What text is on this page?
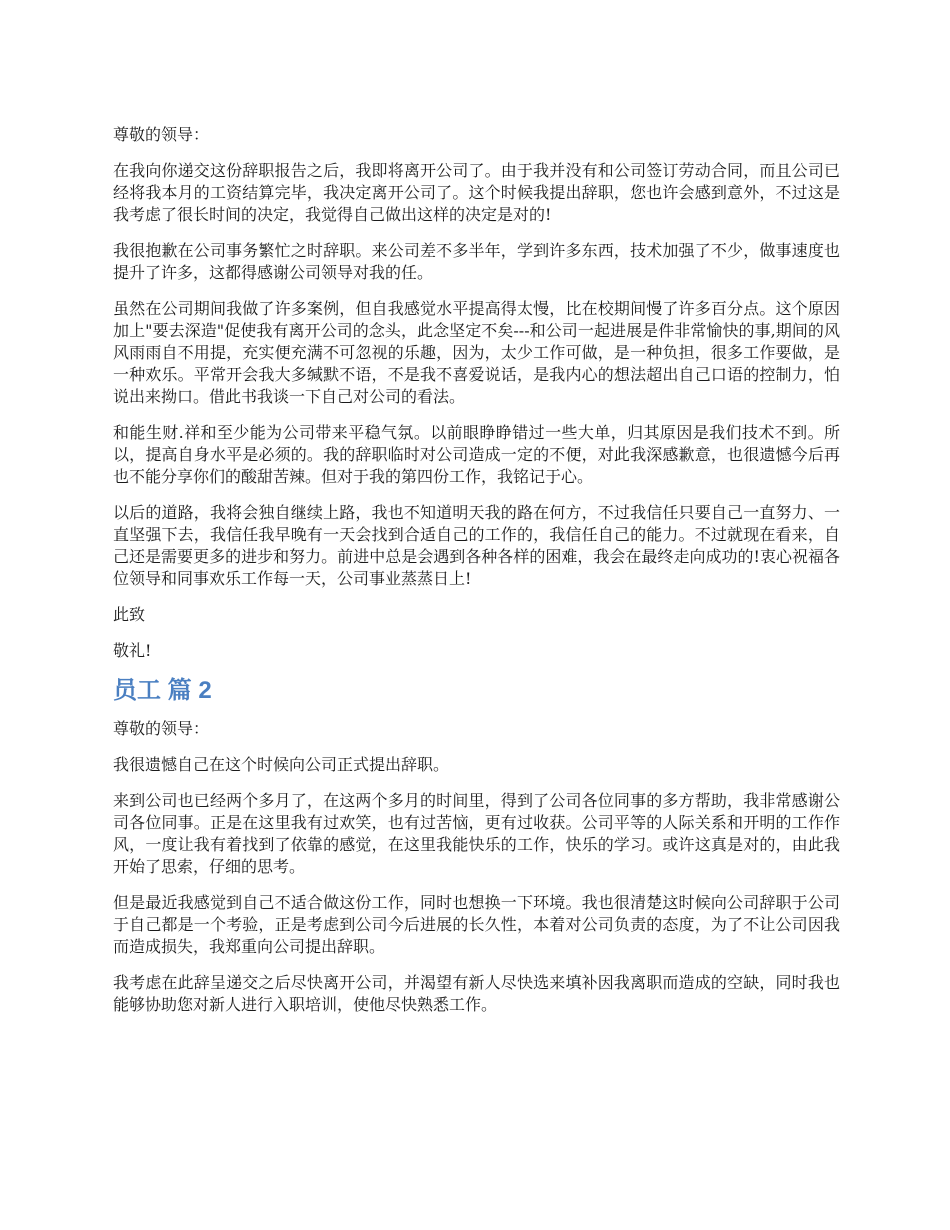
尊敬的领导：

在我向你递交这份辞职报告之后，我即将离开公司了。由于我并没有和公司签订劳动合同，而且公司已经将我本月的工资结算完毕，我决定离开公司了。这个时候我提出辞职，您也许会感到意外，不过这是我考虑了很长时间的决定，我觉得自己做出这样的决定是对的!

我很抱歉在公司事务繁忙之时辞职。来公司差不多半年，学到许多东西，技术加强了不少，做事速度也提升了许多，这都得感谢公司领导对我的任。

虽然在公司期间我做了许多案例，但自我感觉水平提高得太慢，比在校期间慢了许多百分点。这个原因加上"要去深造"促使我有离开公司的念头，此念坚定不矣---和公司一起进展是件非常愉快的事,期间的风风雨雨自不用提，充实便充满不可忽视的乐趣，因为，太少工作可做，是一种负担，很多工作要做，是一种欢乐。平常开会我大多缄默不语，不是我不喜爱说话，是我内心的想法超出自己口语的控制力，怕说出来拗口。借此书我谈一下自己对公司的看法。

和能生财.祥和至少能为公司带来平稳气氛。以前眼睁睁错过一些大单，归其原因是我们技术不到。所以，提高自身水平是必须的。我的辞职临时对公司造成一定的不便，对此我深感歉意，也很遗憾今后再也不能分享你们的酸甜苦辣。但对于我的第四份工作，我铭记于心。

以后的道路，我将会独自继续上路，我也不知道明天我的路在何方，不过我信任只要自己一直努力、一直坚强下去，我信任我早晚有一天会找到合适自己的工作的，我信任自己的能力。不过就现在看来，自己还是需要更多的进步和努力。前进中总是会遇到各种各样的困难，我会在最终走向成功的!衷心祝福各位领导和同事欢乐工作每一天，公司事业蒸蒸日上!

此致

敬礼!

员工 篇 2

尊敬的领导：

我很遗憾自己在这个时候向公司正式提出辞职。

来到公司也已经两个多月了，在这两个多月的时间里，得到了公司各位同事的多方帮助，我非常感谢公司各位同事。正是在这里我有过欢笑，也有过苦恼，更有过收获。公司平等的人际关系和开明的工作作风，一度让我有着找到了依靠的感觉，在这里我能快乐的工作，快乐的学习。或许这真是对的，由此我开始了思索，仔细的思考。

但是最近我感觉到自己不适合做这份工作，同时也想换一下环境。我也很清楚这时候向公司辞职于公司于自己都是一个考验，正是考虑到公司今后进展的长久性，本着对公司负责的态度，为了不让公司因我而造成损失，我郑重向公司提出辞职。

我考虑在此辞呈递交之后尽快离开公司，并渴望有新人尽快选来填补因我离职而造成的空缺，同时我也能够协助您对新人进行入职培训，使他尽快熟悉工作。
